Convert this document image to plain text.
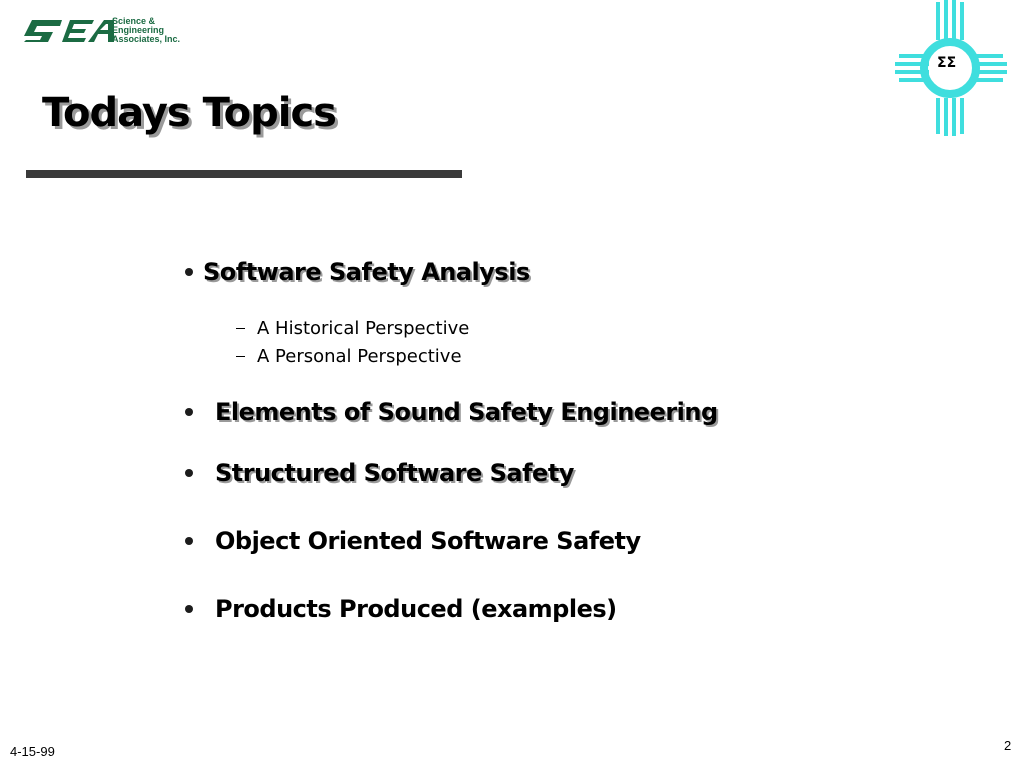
Science &
Engineering
Associates, Inc.
ΣΣ
Todays Topics
Software Safety Analysis
A Historical Perspective
A Personal Perspective
Elements of Sound Safety Engineering
Structured Software Safety
Object Oriented Software Safety
Products Produced (examples)
4-15-99	2
